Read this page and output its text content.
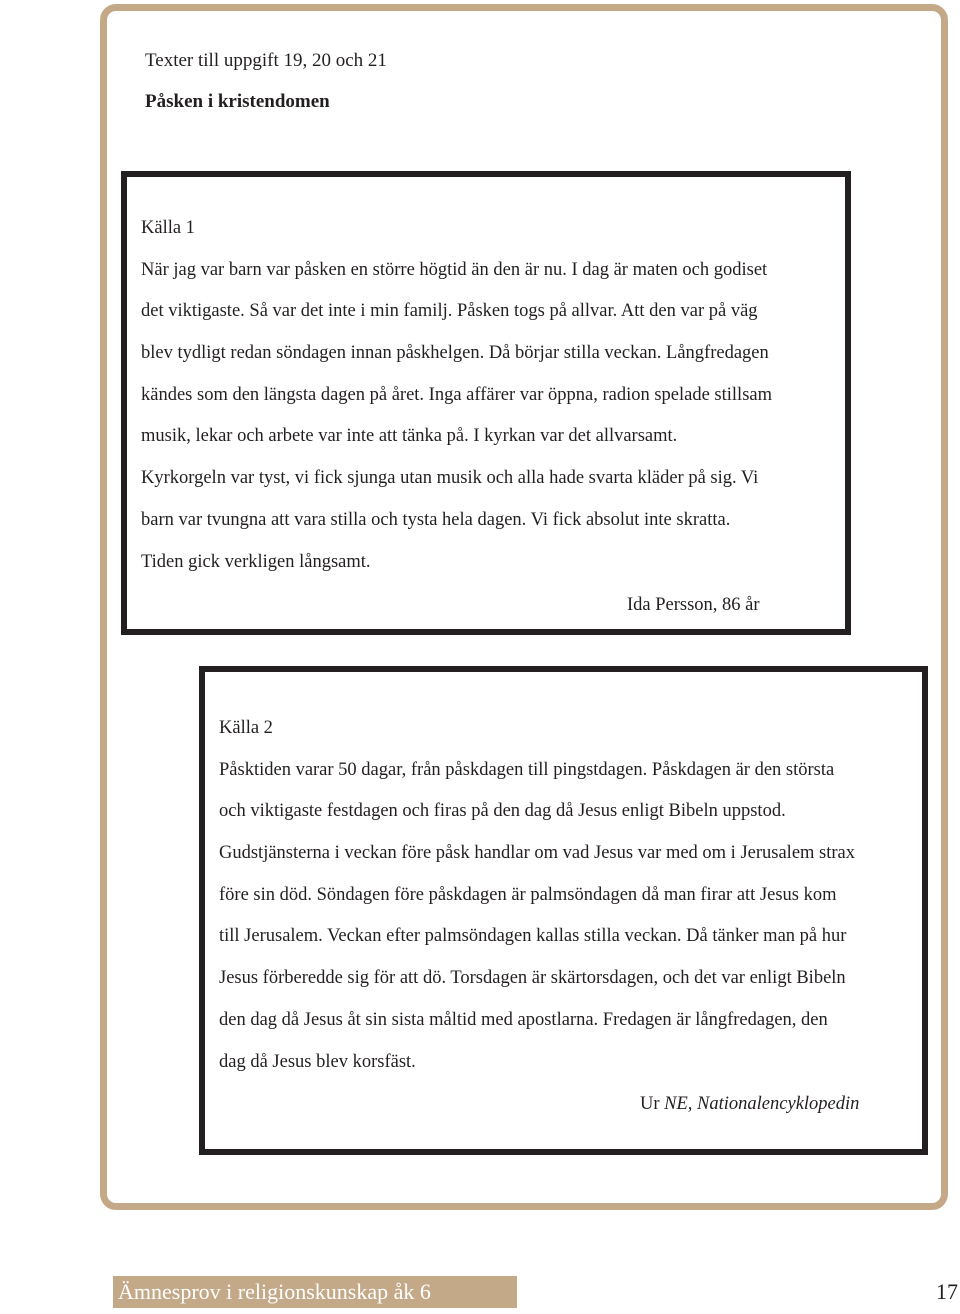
Texter till uppgift 19, 20 och 21
Påsken i kristendomen
Källa 1
När jag var barn var påsken en större högtid än den är nu. I dag är maten och godiset
det viktigaste. Så var det inte i min familj. Påsken togs på allvar. Att den var på väg
blev tydligt redan söndagen innan påskhelgen. Då börjar stilla veckan. Långfredagen
kändes som den längsta dagen på året. Inga affärer var öppna, radion spelade stillsam
musik, lekar och arbete var inte att tänka på. I kyrkan var det allvarsamt.
Kyrkorgeln var tyst, vi fick sjunga utan musik och alla hade svarta kläder på sig. Vi
barn var tvungna att vara stilla och tysta hela dagen. Vi fick absolut inte skratta.
Tiden gick verkligen långsamt.
Ida Persson, 86 år
Källa 2
Påsktiden varar 50 dagar, från påskdagen till pingstdagen. Påskdagen är den största
och viktigaste festdagen och firas på den dag då Jesus enligt Bibeln uppstod.
Gudstjänsterna i veckan före påsk handlar om vad Jesus var med om i Jerusalem strax
före sin död. Söndagen före påskdagen är palmsöndagen då man firar att Jesus kom
till Jerusalem. Veckan efter palmsöndagen kallas stilla veckan. Då tänker man på hur
Jesus förberedde sig för att dö. Torsdagen är skärtorsdagen, och det var enligt Bibeln
den dag då Jesus åt sin sista måltid med apostlarna. Fredagen är långfredagen, den
dag då Jesus blev korsfäst.
Ur NE, Nationalencyklopedin
Ämnesprov i religionskunskap åk 6	17
